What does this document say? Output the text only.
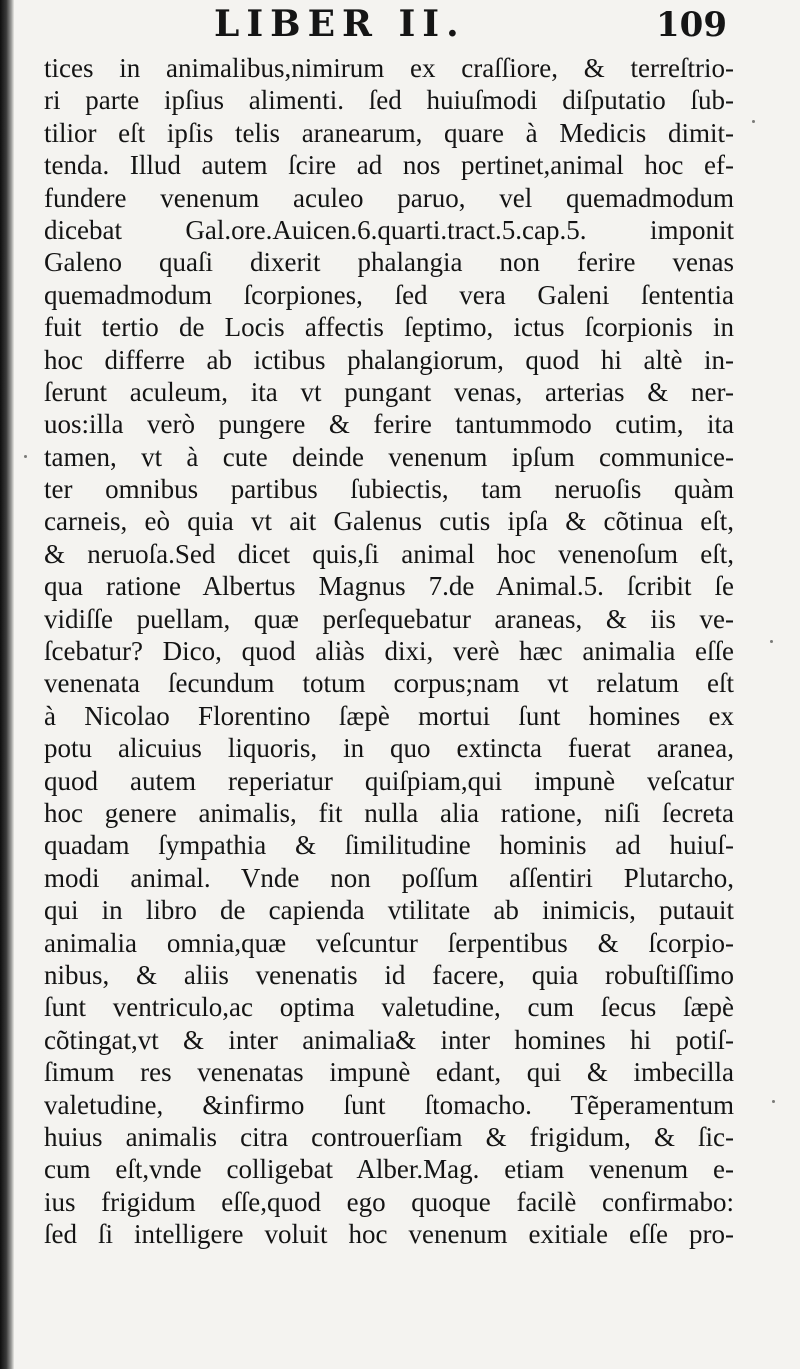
LIBER II.	109
tices in animalibus,nimirum ex craſſiore, & terreſtrio-
ri parte ipſius alimenti. ſed huiuſmodi diſputatio ſub-
tilior eſt ipſis telis aranearum, quare à Medicis dimit-
tenda. Illud autem ſcire ad nos pertinet,animal hoc ef-
fundere venenum aculeo paruo, vel quemadmodum
dicebat Gal.ore.Auicen.6.quarti.tract.5.cap.5. imponit
Galeno quaſi dixerit phalangia non ferire venas
quemadmodum ſcorpiones, ſed vera Galeni ſententia
fuit tertio de Locis affectis ſeptimo, ictus ſcorpionis in
hoc differre ab ictibus phalangiorum, quod hi altè in-
ſerunt aculeum, ita vt pungant venas, arterias & ner-
uos:illa verò pungere & ferire tantummodo cutim, ita
tamen, vt à cute deinde venenum ipſum communice-
ter omnibus partibus ſubiectis, tam neruoſis quàm
carneis, eò quia vt ait Galenus cutis ipſa & cõtinua eſt,
& neruoſa.Sed dicet quis,ſi animal hoc venenoſum eſt,
qua ratione Albertus Magnus 7.de Animal.5. ſcribit ſe
vidiſſe puellam, quæ perſequebatur araneas, & iis ve-
ſcebatur? Dico, quod aliàs dixi, verè hæc animalia eſſe
venenata ſecundum totum corpus;nam vt relatum eſt
à Nicolao Florentino ſæpè mortui ſunt homines ex
potu alicuius liquoris, in quo extincta fuerat aranea,
quod autem reperiatur quiſpiam,qui impunè veſcatur
hoc genere animalis, fit nulla alia ratione, niſi ſecreta
quadam ſympathia & ſimilitudine hominis ad huiuſ-
modi animal. Vnde non poſſum aſſentiri Plutarcho,
qui in libro de capienda vtilitate ab inimicis, putauit
animalia omnia,quæ veſcuntur ſerpentibus & ſcorpio-
nibus, & aliis venenatis id facere, quia robuſtiſſimo
ſunt ventriculo,ac optima valetudine, cum ſecus ſæpè
cõtingat,vt & inter animalia& inter homines hi potiſ-
ſimum res venenatas impunè edant, qui & imbecilla
valetudine, &infirmo ſunt ſtomacho. Tẽperamentum
huius animalis citra controuerſiam & frigidum, & ſic-
cum eſt,vnde colligebat Alber.Mag. etiam venenum e-
ius frigidum eſſe,quod ego quoque facilè confirmabo:
ſed ſi intelligere voluit hoc venenum exitiale eſſe pro-
